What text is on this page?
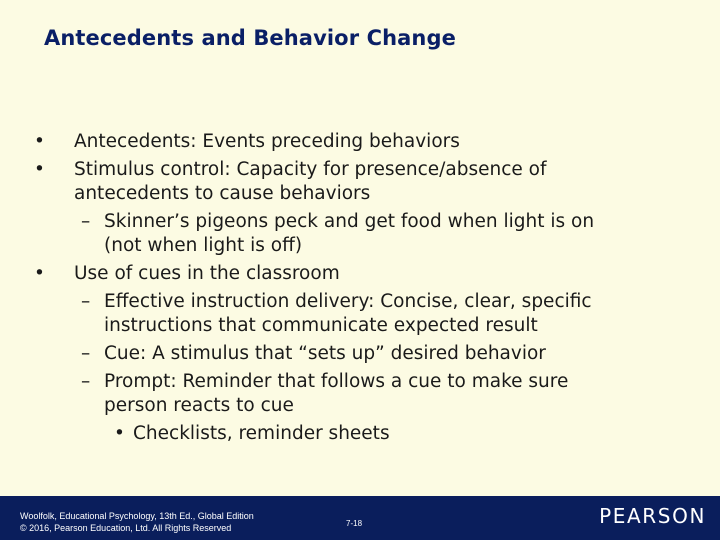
Antecedents and Behavior Change
• Antecedents: Events preceding behaviors
• Stimulus control: Capacity for presence/absence of
antecedents to cause behaviors
– Skinner’s pigeons peck and get food when light is on
(not when light is off)
• Use of cues in the classroom
– Effective instruction delivery: Concise, clear, specific
instructions that communicate expected result
– Cue: A stimulus that “sets up” desired behavior
– Prompt: Reminder that follows a cue to make sure
person reacts to cue
• Checklists, reminder sheets
Woolfolk, Educational Psychology, 13th Ed., Global Edition
© 2016, Pearson Education, Ltd. All Rights Reserved	7-18	PEARSON
